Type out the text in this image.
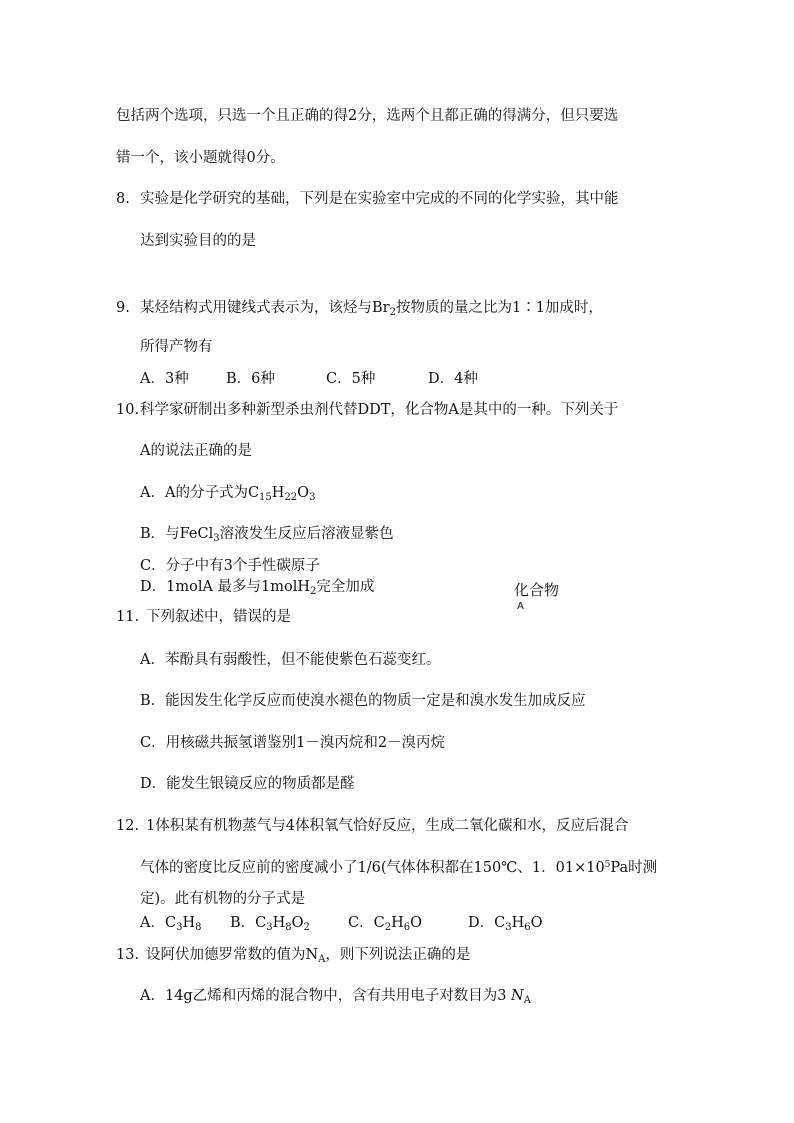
包括两个选项，只选一个且正确的得2分，选两个且都正确的得满分，但只要选
错一个，该小题就得0分。
8. 实验是化学研究的基础，下列是在实验室中完成的不同的化学实验，其中能
达到实验目的的是
9. 某烃结构式用键线式表示为，该烃与$Br_2$按物质的量之比为1∶1加成时，
所得产物有
A．3种	B．6种	C．5种	D．4种
10. 科学家研制出多种新型杀虫剂代替DDT，化合物A是其中的一种。下列关于
A的说法正确的是
A．A的分子式为$C_{15}H_{22}O_3$
B．与FeCl$_3$溶液发生反应后溶液显紫色
C．分子中有3个手性碳原子
D．1molA 最多与1molH$_2$完全加成	化合物
A
11. 下列叙述中，错误的是
A．苯酚具有弱酸性，但不能使紫色石蕊变红。
B．能因发生化学反应而使溴水褪色的物质一定是和溴水发生加成反应
C．用核磁共振氢谱鉴别1－溴丙烷和2－溴丙烷
D．能发生银镜反应的物质都是醛
12. 1体积某有机物蒸气与4体积氧气恰好反应，生成二氧化碳和水，反应后混合
气体的密度比反应前的密度减小了1/6(气体体积都在150℃、1．$01\times 10^5Pa$时测
定)。此有机物的分子式是
A．$C_3H_8$ B．$C_3H_8O_2$	C．$C_2H_6O$	D．$C_3H_6O$
13. 设阿伏加德罗常数的值为$N_A$，则下列说法正确的是
A．14g乙烯和丙烯的混合物中，含有共用电子对数目为3 $N_A$
